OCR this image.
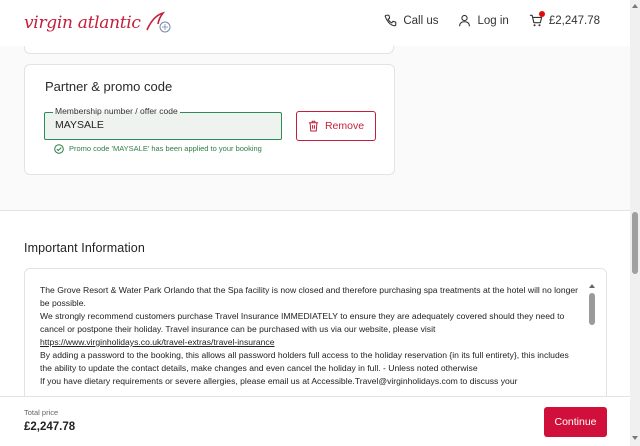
virgin atlantic	Call us	Log in	£2,247.78
Partner & promo code
Membership number / offer code
MAYSALE
Remove
Promo code 'MAYSALE' has been applied to your booking
Important Information

The Grove Resort & Water Park Orlando that the Spa facility is now closed and therefore purchasing spa treatments at the hotel will no longer be possible.

We strongly recommend customers purchase Travel Insurance IMMEDIATELY to ensure they are adequately covered should they need to cancel or postpone their holiday. Travel insurance can be purchased with us via our website, please visit

https://www.virginholidays.co.uk/travel-extras/travel-insurance

By adding a password to the booking, this allows all password holders full access to the holiday reservation {in its full entirety}, this includes the ability to update the contact details, make changes and even cancel the holiday in full. - Unless noted otherwise

If you have dietary requirements or severe allergies, please email us at Accessible.Travel@virginholidays.com to discuss your

Total price
£2,247.78	Continue
